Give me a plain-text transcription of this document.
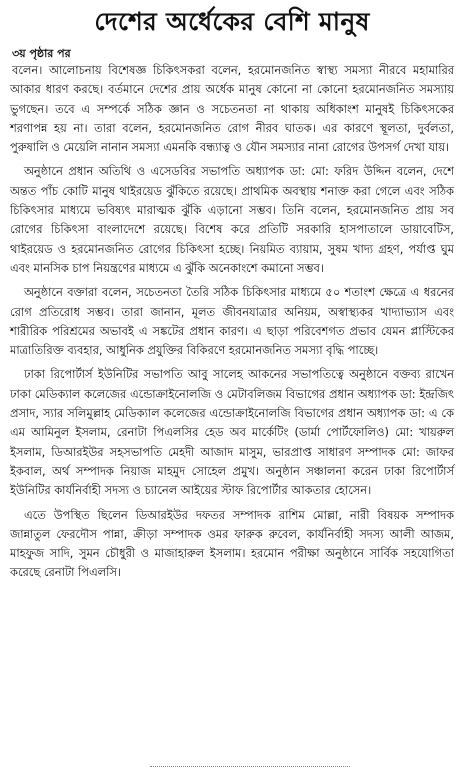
দেশের অর্ধেকের বেশি মানুষ
৩য় পৃষ্ঠার পর

বলেন। আলোচনায় বিশেষজ্ঞ চিকিৎসকরা বলেন, হরমোনজনিত স্বাস্থ্য সমস্যা নীরবে মহামারির আকার ধারণ করছে। বর্তমানে দেশের প্রায় অর্ধেক মানুষ কোনো না কোনো হরমোনজনিত সমস্যায় ভুগছেন। তবে এ সম্পর্কে সঠিক জ্ঞান ও সচেতনতা না থাকায় অধিকাংশ মানুষই চিকিৎসকের শরণাপন্ন হয় না। তারা বলেন, হরমোনজনিত রোগ নীরব ঘাতক। এর কারণে স্থূলতা, দুর্বলতা, পুরুষালি ও মেয়েলি নানান সমস্যা এমনকি বন্ধ্যাত্ব ও যৌন সমস্যার নানা রোগের উপসর্গ দেখা যায়।

অনুষ্ঠানে প্রধান অতিথি ও এসেডবির সভাপতি অধ্যাপক ডা: মো: ফরিদ উদ্দিন বলেন, দেশে অন্তত পাঁচ কোটি মানুষ থাইরয়েড ঝুঁকিতে রয়েছে। প্রাথমিক অবস্থায় শনাক্ত করা গেলে এবং সঠিক চিকিৎসার মাধ্যমে ভবিষ্যৎ মারাত্মক ঝুঁকি এড়ানো সম্ভব। তিনি বলেন, হরমোনজনিত প্রায় সব রোগের চিকিৎসা বাংলাদেশে রয়েছে। বিশেষ করে প্রতিটি সরকারি হাসপাতালে ডায়াবেটিস, থাইরয়েড ও হরমোনজনিত রোগের চিকিৎসা হচ্ছে। নিয়মিত ব্যায়াম, সুষম খাদ্য গ্রহণ, পর্যাপ্ত ঘুম এবং মানসিক চাপ নিয়ন্ত্রণের মাধ্যমে এ ঝুঁকি অনেকাংশে কমানো সম্ভব।

অনুষ্ঠানে বক্তারা বলেন, সচেতনতা তৈরি সঠিক চিকিৎসার মাধ্যমে ৫০ শতাংশ ক্ষেত্রে এ ধরনের রোগ প্রতিরোধ সম্ভব। তারা জানান, মূলত জীবনযাত্রার অনিয়ম, অস্বাস্থ্যকর খাদ্যাভ্যাস এবং শারীরিক পরিশ্রমের অভাবই এ সঙ্কটের প্রধান কারণ। এ ছাড়া পরিবেশগত প্রভাব যেমন প্লাস্টিকের মাত্রাতিরিক্ত ব্যবহার, আধুনিক প্রযুক্তির বিকিরণে হরমোনজনিত সমস্যা বৃদ্ধি পাচ্ছে।

ঢাকা রিপোর্টার্স ইউনিটির সভাপতি আবু সালেহ আকনের সভাপতিত্বে অনুষ্ঠানে বক্তব্য রাখেন ঢাকা মেডিক্যাল কলেজের এন্ডোক্রাইনোলজি ও মেটাবলিজম বিভাগের প্রধান অধ্যাপক ডা: ইন্দ্রজিৎ প্রসাদ, স্যার সলিমুল্লাহ মেডিক্যাল কলেজের এন্ডোক্রাইনোলজি বিভাগের প্রধান অধ্যাপক ডা: এ কে এম আমিনুল ইসলাম, রেনাটা পিএলসির হেড অব মার্কেটিং (ডার্মা পোর্টফোলিও) মো: খায়রুল ইসলাম, ডিআরইউর সহসভাপতি মেহদী আজাদ মাসুম, ভারপ্রাপ্ত সাধারণ সম্পাদক মো: জাফর ইকবাল, অর্থ সম্পাদক নিয়াজ মাহমুদ সোহেল প্রমুখ। অনুষ্ঠান সঞ্চালনা করেন ঢাকা রিপোর্টার্স ইউনিটির কার্যনির্বাহী সদস্য ও চ্যানেল আইয়ের স্টাফ রিপোর্টার আকতার হোসেন।

এতে উপস্থিত ছিলেন ডিআরইউর দফতর সম্পাদক রাশিম মোল্লা, নারী বিষয়ক সম্পাদক জান্নাতুল ফেরদৌস পান্না, ক্রীড়া সম্পাদক ওমর ফারুক রুবেল, কার্যনির্বাহী সদস্য আলী আজম, মাহফুজ সাদি, সুমন চৌধুরী ও মাজাহারুল ইসলাম। হরমোন পরীক্ষা অনুষ্ঠানে সার্বিক সহযোগিতা করেছে রেনাটা পিএলসি।
